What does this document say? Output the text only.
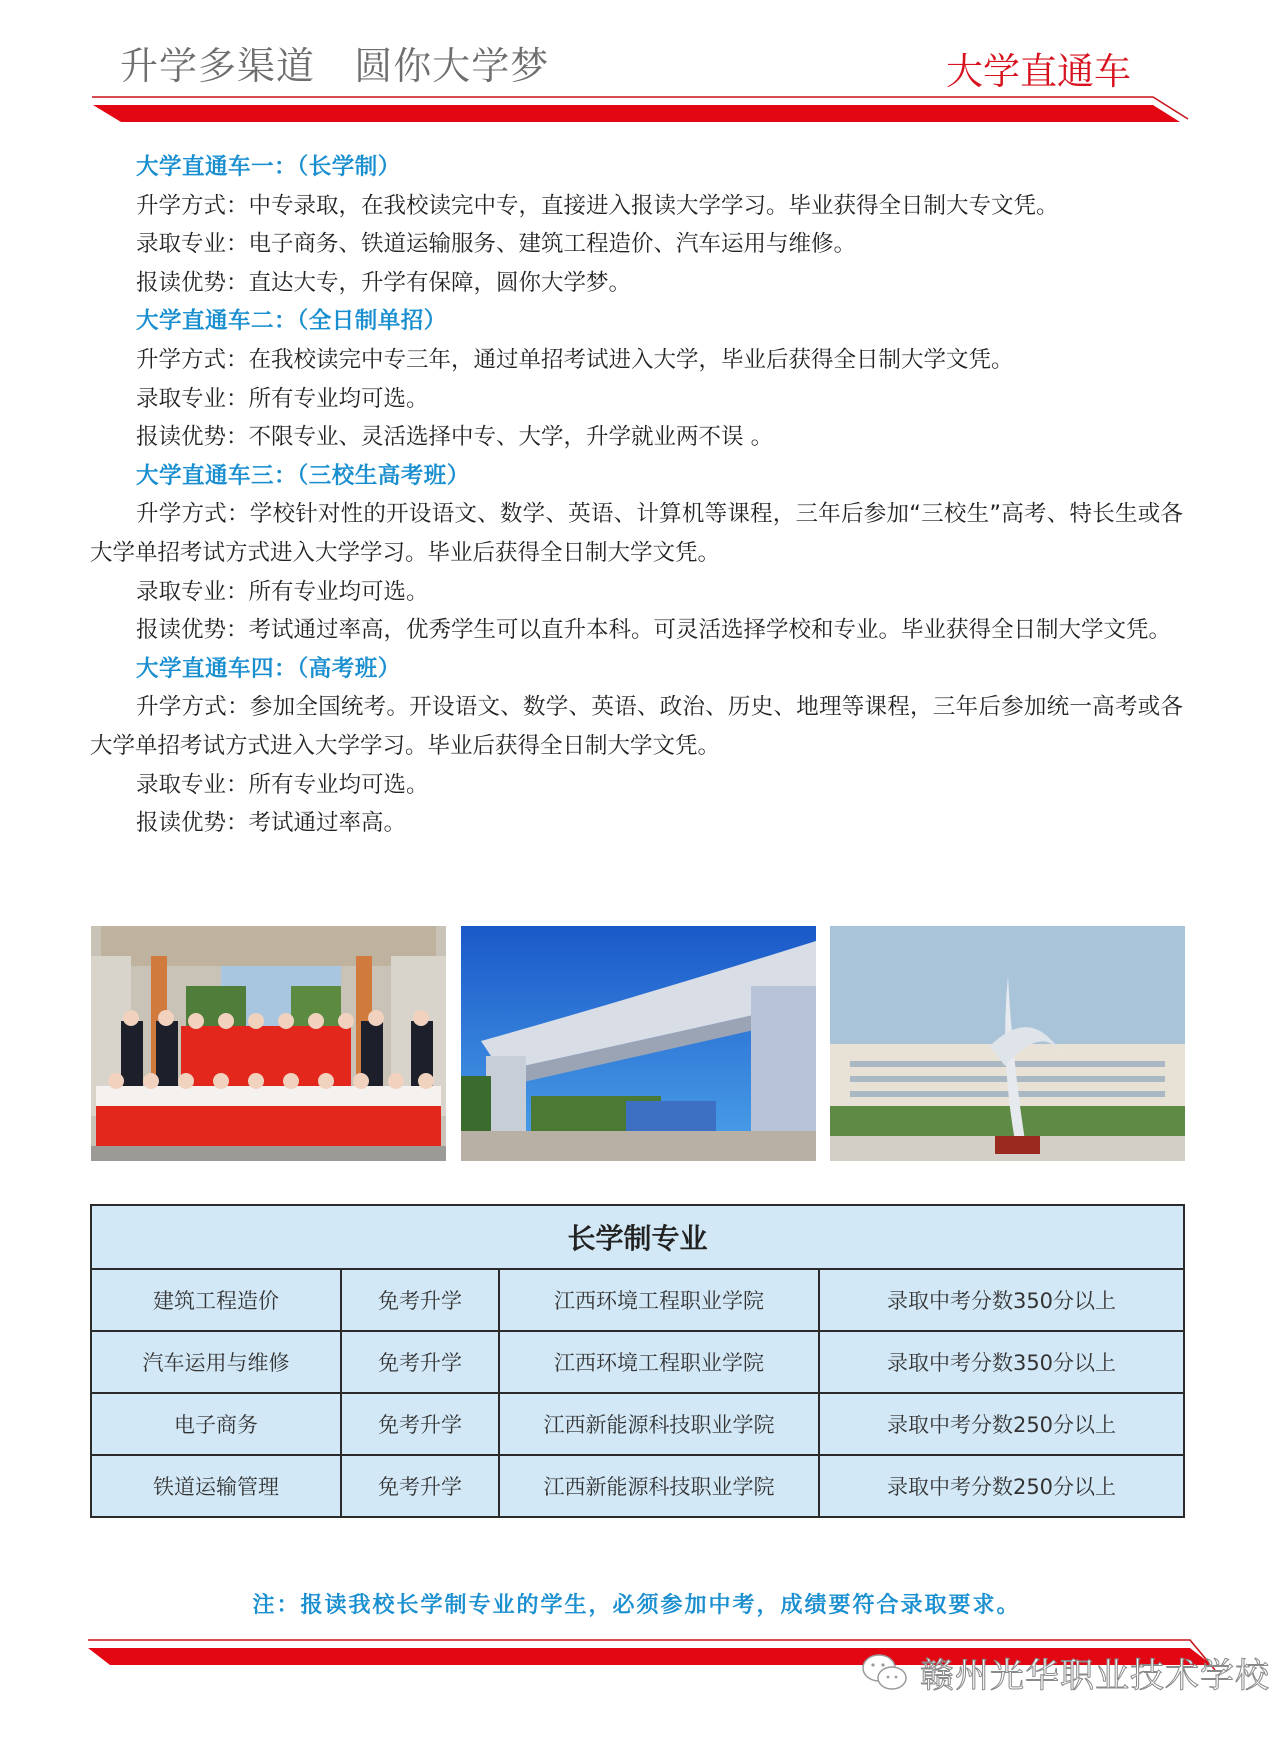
升学多渠道   圆你大学梦	大学直通车
大学直通车一：（长学制）
升学方式：中专录取，在我校读完中专，直接进入报读大学学习。毕业获得全日制大专文凭。
录取专业：电子商务、铁道运输服务、建筑工程造价、汽车运用与维修。
报读优势：直达大专，升学有保障，圆你大学梦。
大学直通车二：（全日制单招）
升学方式：在我校读完中专三年，通过单招考试进入大学，毕业后获得全日制大学文凭。
录取专业：所有专业均可选。
报读优势：不限专业、灵活选择中专、大学，升学就业两不误 。
大学直通车三：（三校生高考班）
升学方式：学校针对性的开设语文、数学、英语、计算机等课程，三年后参加“三校生”高考、特长生或各大学单招考试方式进入大学学习。毕业后获得全日制大学文凭。
录取专业：所有专业均可选。
报读优势：考试通过率高，优秀学生可以直升本科。可灵活选择学校和专业。毕业获得全日制大学文凭。
大学直通车四：（高考班）
升学方式：参加全国统考。开设语文、数学、英语、政治、历史、地理等课程，三年后参加统一高考或各大学单招考试方式进入大学学习。毕业后获得全日制大学文凭。
录取专业：所有专业均可选。
报读优势：考试通过率高。
长学制专业			
建筑工程造价	免考升学	江西环境工程职业学院	录取中考分数350分以上
汽车运用与维修	免考升学	江西环境工程职业学院	录取中考分数350分以上
电子商务	免考升学	江西新能源科技职业学院	录取中考分数250分以上
铁道运输管理	免考升学	江西新能源科技职业学院	录取中考分数250分以上
注：报读我校长学制专业的学生，必须参加中考，成绩要符合录取要求。
赣州光华职业技术学校
